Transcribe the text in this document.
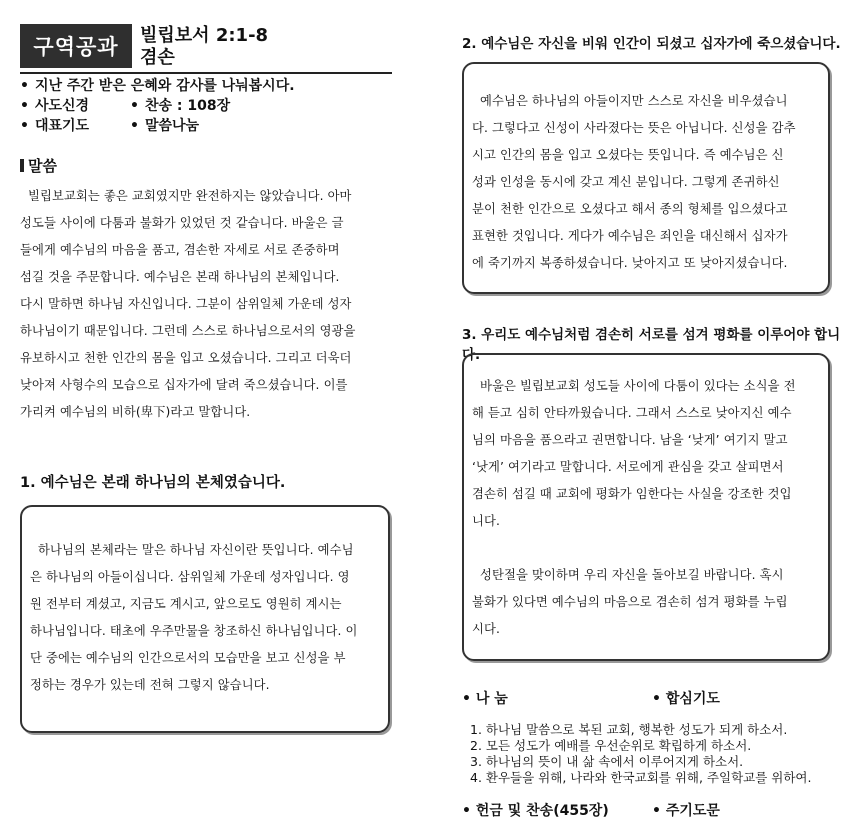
구역공과	빌립보서 2:1-8
겸손
• 지난 주간 받은 은혜와 감사를 나눠봅시다.
• 사도신경	• 찬송 : 108장
• 대표기도	• 말씀나눔
말씀
빌립보교회는 좋은 교회였지만 완전하지는 않았습니다. 아마
성도들 사이에 다툼과 불화가 있었던 것 같습니다. 바울은 글
들에게 예수님의 마음을 품고, 겸손한 자세로 서로 존중하며
섬길 것을 주문합니다. 예수님은 본래 하나님의 본체입니다.
다시 말하면 하나님 자신입니다. 그분이 삼위일체 가운데 성자
하나님이기 때문입니다. 그런데 스스로 하나님으로서의 영광을
유보하시고 천한 인간의 몸을 입고 오셨습니다. 그리고 더욱더
낮아져 사형수의 모습으로 십자가에 달려 죽으셨습니다. 이를
가리켜 예수님의 비하(卑下)라고 말합니다.
1. 예수님은 본래 하나님의 본체였습니다.
하나님의 본체라는 말은 하나님 자신이란 뜻입니다. 예수님
은 하나님의 아들이십니다. 삼위일체 가운데 성자입니다. 영
원 전부터 계셨고, 지금도 계시고, 앞으로도 영원히 계시는
하나님입니다. 태초에 우주만물을 창조하신 하나님입니다. 이
단 중에는 예수님의 인간으로서의 모습만을 보고 신성을 부
정하는 경우가 있는데 전혀 그렇지 않습니다.
2. 예수님은 자신을 비워 인간이 되셨고 십자가에 죽으셨습니다.
예수님은 하나님의 아들이지만 스스로 자신을 비우셨습니
다. 그렇다고 신성이 사라졌다는 뜻은 아닙니다. 신성을 감추
시고 인간의 몸을 입고 오셨다는 뜻입니다. 즉 예수님은 신
성과 인성을 동시에 갖고 계신 분입니다. 그렇게 존귀하신
분이 천한 인간으로 오셨다고 해서 종의 형체를 입으셨다고
표현한 것입니다. 게다가 예수님은 죄인을 대신해서 십자가
에 죽기까지 복종하셨습니다. 낮아지고 또 낮아지셨습니다.
3. 우리도 예수님처럼 겸손히 서로를 섬겨 평화를 이루어야 합니다.
바울은 빌립보교회 성도들 사이에 다툼이 있다는 소식을 전
해 듣고 심히 안타까웠습니다. 그래서 스스로 낮아지신 예수
님의 마음을 품으라고 권면합니다. 남을 ‘낮게’ 여기지 말고
‘낫게’ 여기라고 말합니다. 서로에게 관심을 갖고 살피면서
겸손히 섬길 때 교회에 평화가 임한다는 사실을 강조한 것입
니다.
성탄절을 맞이하며 우리 자신을 돌아보길 바랍니다. 혹시
불화가 있다면 예수님의 마음으로 겸손히 섬겨 평화를 누립
시다.
• 나 눔	• 합심기도
1. 하나님 말씀으로 복된 교회, 행복한 성도가 되게 하소서.
2. 모든 성도가 예배를 우선순위로 확립하게 하소서.
3. 하나님의 뜻이 내 삶 속에서 이루어지게 하소서.
4. 환우들을 위해, 나라와 한국교회를 위해, 주일학교를 위하여.
• 헌금 및 찬송(455장)	• 주기도문
